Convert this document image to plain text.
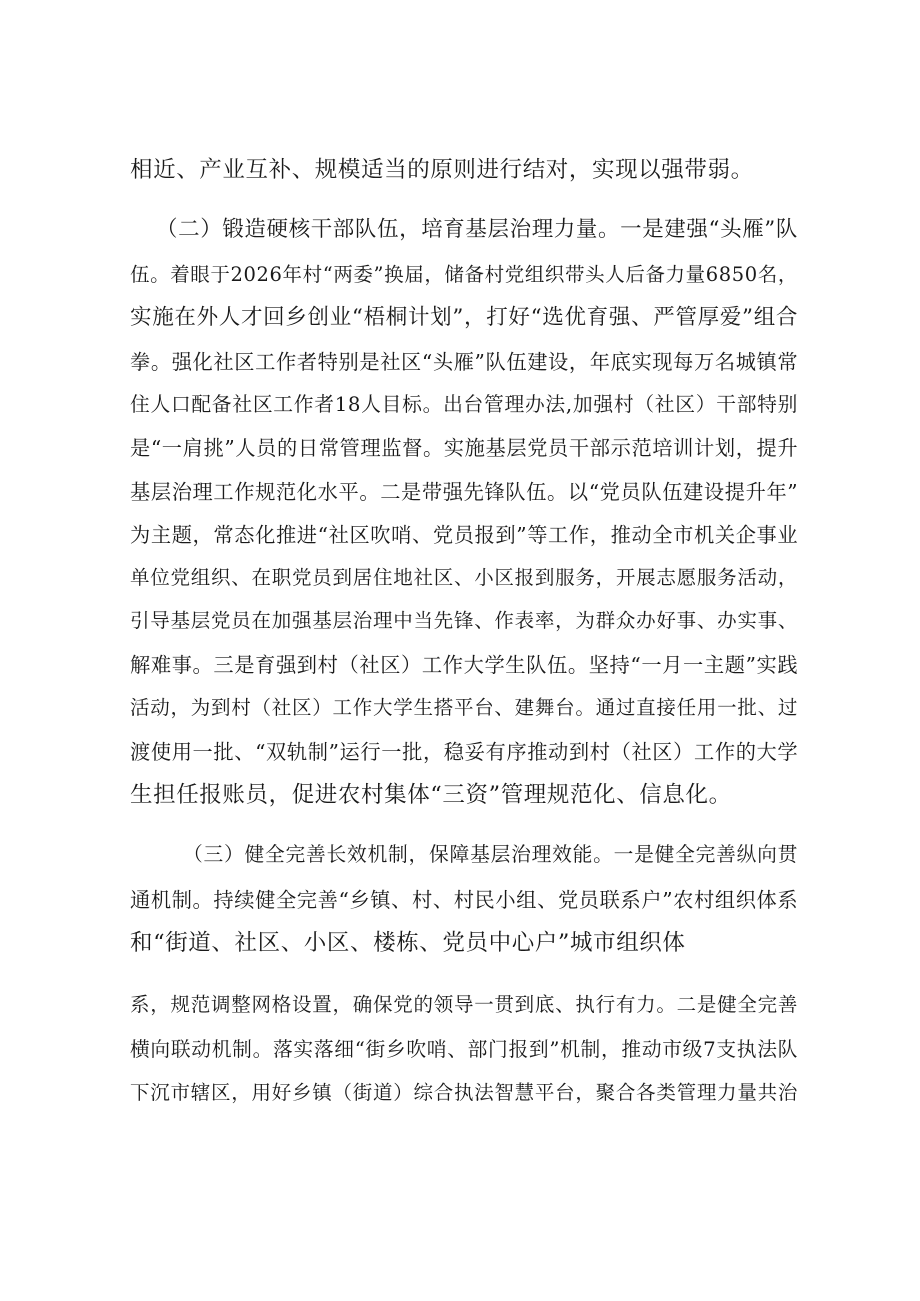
相近、产业互补、规模适当的原则进行结对，实现以强带弱。
（二）锻造硬核干部队伍，培育基层治理力量。一是建强“头雁”队
伍。着眼于2026年村“两委”换届，储备村党组织带头人后备力量6850名，
实施在外人才回乡创业“梧桐计划”，打好“选优育强、严管厚爱”组合
拳。强化社区工作者特别是社区“头雁”队伍建设，年底实现每万名城镇常
住人口配备社区工作者18人目标。出台管理办法,加强村（社区）干部特别
是“一肩挑”人员的日常管理监督。实施基层党员干部示范培训计划，提升
基层治理工作规范化水平。二是带强先锋队伍。以“党员队伍建设提升年”
为主题，常态化推进“社区吹哨、党员报到”等工作，推动全市机关企事业
单位党组织、在职党员到居住地社区、小区报到服务，开展志愿服务活动，
引导基层党员在加强基层治理中当先锋、作表率，为群众办好事、办实事、
解难事。三是育强到村（社区）工作大学生队伍。坚持“一月一主题”实践
活动，为到村（社区）工作大学生搭平台、建舞台。通过直接任用一批、过
渡使用一批、“双轨制”运行一批，稳妥有序推动到村（社区）工作的大学
生担任报账员，促进农村集体“三资”管理规范化、信息化。
（三）健全完善长效机制，保障基层治理效能。一是健全完善纵向贯
通机制。持续健全完善“乡镇、村、村民小组、党员联系户”农村组织体系
和“街道、社区、小区、楼栋、党员中心户”城市组织体
系，规范调整网格设置，确保党的领导一贯到底、执行有力。二是健全完善
横向联动机制。落实落细“街乡吹哨、部门报到”机制，推动市级7支执法队
下沉市辖区，用好乡镇（街道）综合执法智慧平台，聚合各类管理力量共治
